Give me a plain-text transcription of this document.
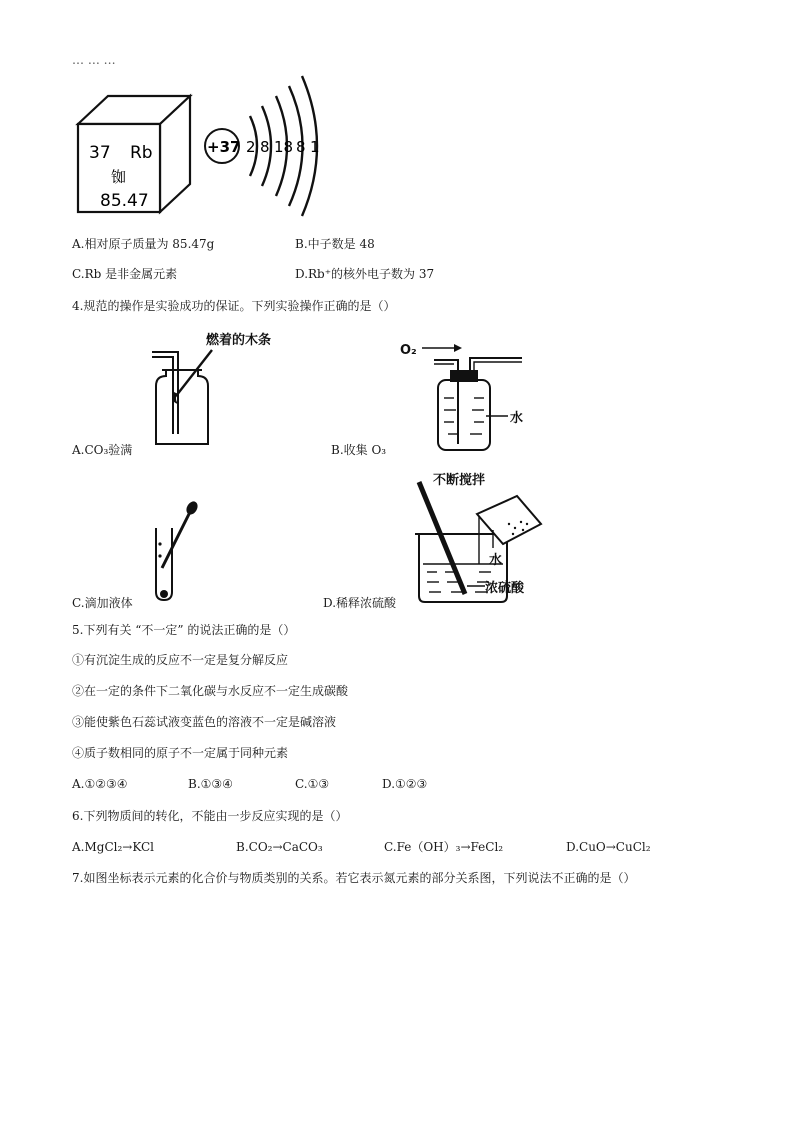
… … …
37 Rb
铷
85.47
+37 2 8 18 8 1
A.相对原子质量为 85.47g	B.中子数是 48
C.Rb 是非金属元素	D.Rb⁺的核外电子数为 37
4.规范的操作是实验成功的保证。下列实验操作正确的是（）
燃着的木条
A.CO₃验满
O₂
水
B.收集 O₃
C.滴加液体
不断搅拌
水
浓硫酸
D.稀释浓硫酸
5.下列有关 “不一定” 的说法正确的是（）
①有沉淀生成的反应不一定是复分解反应
②在一定的条件下二氧化碳与水反应不一定生成碳酸
③能使紫色石蕊试液变蓝色的溶液不一定是碱溶液
④质子数相同的原子不一定属于同种元素
A.①②③④	B.①③④	C.①③	D.①②③
6.下列物质间的转化，不能由一步反应实现的是（）
A.MgCl₂→KCl	B.CO₂→CaCO₃	C.Fe（OH）₃→FeCl₂	D.CuO→CuCl₂
7.如图坐标表示元素的化合价与物质类别的关系。若它表示氮元素的部分关系图，下列说法不正确的是（）
